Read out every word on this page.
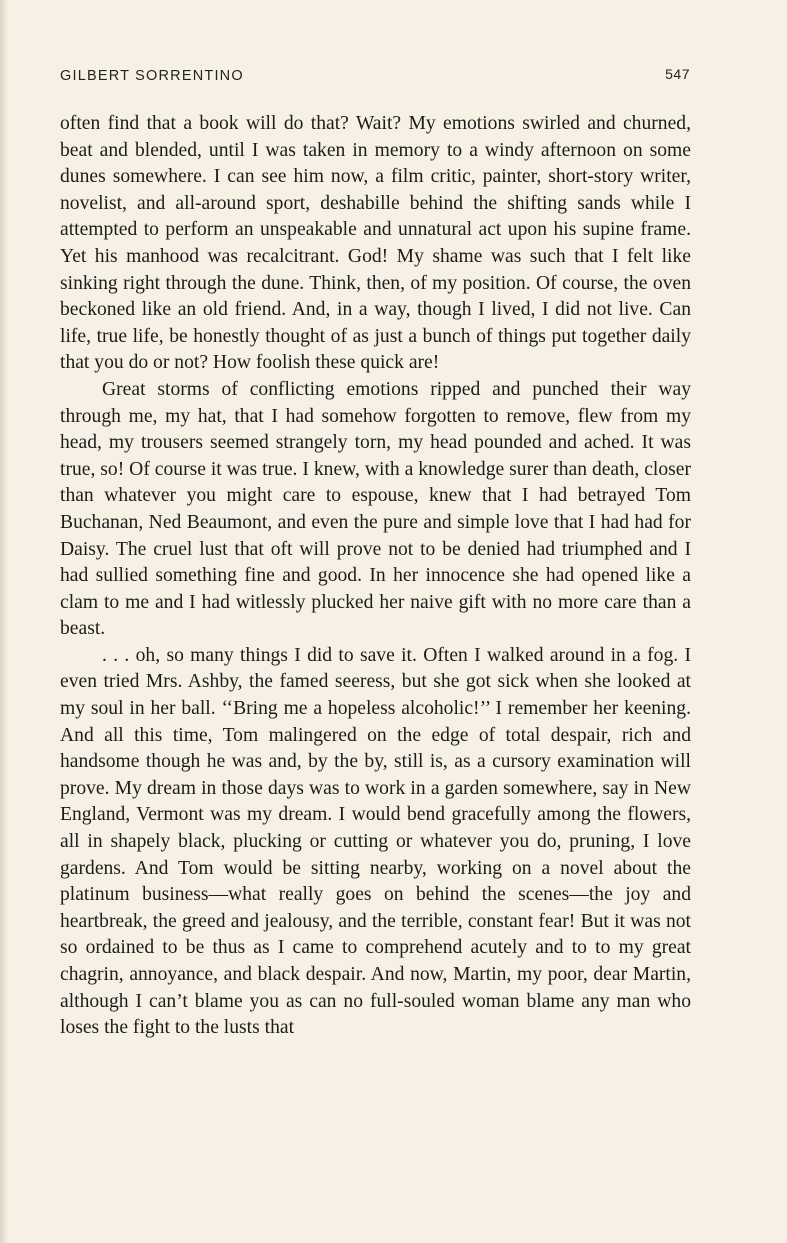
GILBERT SORRENTINO	547

often find that a book will do that? Wait? My emotions swirled and churned, beat and blended, until I was taken in memory to a windy afternoon on some dunes somewhere. I can see him now, a film critic, painter, short-story writer, novelist, and all-around sport, deshabille behind the shifting sands while I attempted to perform an unspeakable and unnatural act upon his supine frame. Yet his manhood was recalcitrant. God! My shame was such that I felt like sinking right through the dune. Think, then, of my position. Of course, the oven beckoned like an old friend. And, in a way, though I lived, I did not live. Can life, true life, be honestly thought of as just a bunch of things put together daily that you do or not? How foolish these quick are!

Great storms of conflicting emotions ripped and punched their way through me, my hat, that I had somehow forgotten to remove, flew from my head, my trousers seemed strangely torn, my head pounded and ached. It was true, so! Of course it was true. I knew, with a knowledge surer than death, closer than whatever you might care to espouse, knew that I had betrayed Tom Buchanan, Ned Beaumont, and even the pure and simple love that I had had for Daisy. The cruel lust that oft will prove not to be denied had triumphed and I had sullied something fine and good. In her innocence she had opened like a clam to me and I had witlessly plucked her naive gift with no more care than a beast.

. . . oh, so many things I did to save it. Often I walked around in a fog. I even tried Mrs. Ashby, the famed seeress, but she got sick when she looked at my soul in her ball. ‘‘Bring me a hopeless alcoholic!’’ I remember her keening. And all this time, Tom malingered on the edge of total despair, rich and handsome though he was and, by the by, still is, as a cursory examination will prove. My dream in those days was to work in a garden somewhere, say in New England, Vermont was my dream. I would bend gracefully among the flowers, all in shapely black, plucking or cutting or whatever you do, pruning, I love gardens. And Tom would be sitting nearby, working on a novel about the platinum business—what really goes on behind the scenes—the joy and heartbreak, the greed and jealousy, and the terrible, constant fear! But it was not so ordained to be thus as I came to comprehend acutely and to to my great chagrin, annoyance, and black despair. And now, Martin, my poor, dear Martin, although I can’t blame you as can no full-souled woman blame any man who loses the fight to the lusts that
